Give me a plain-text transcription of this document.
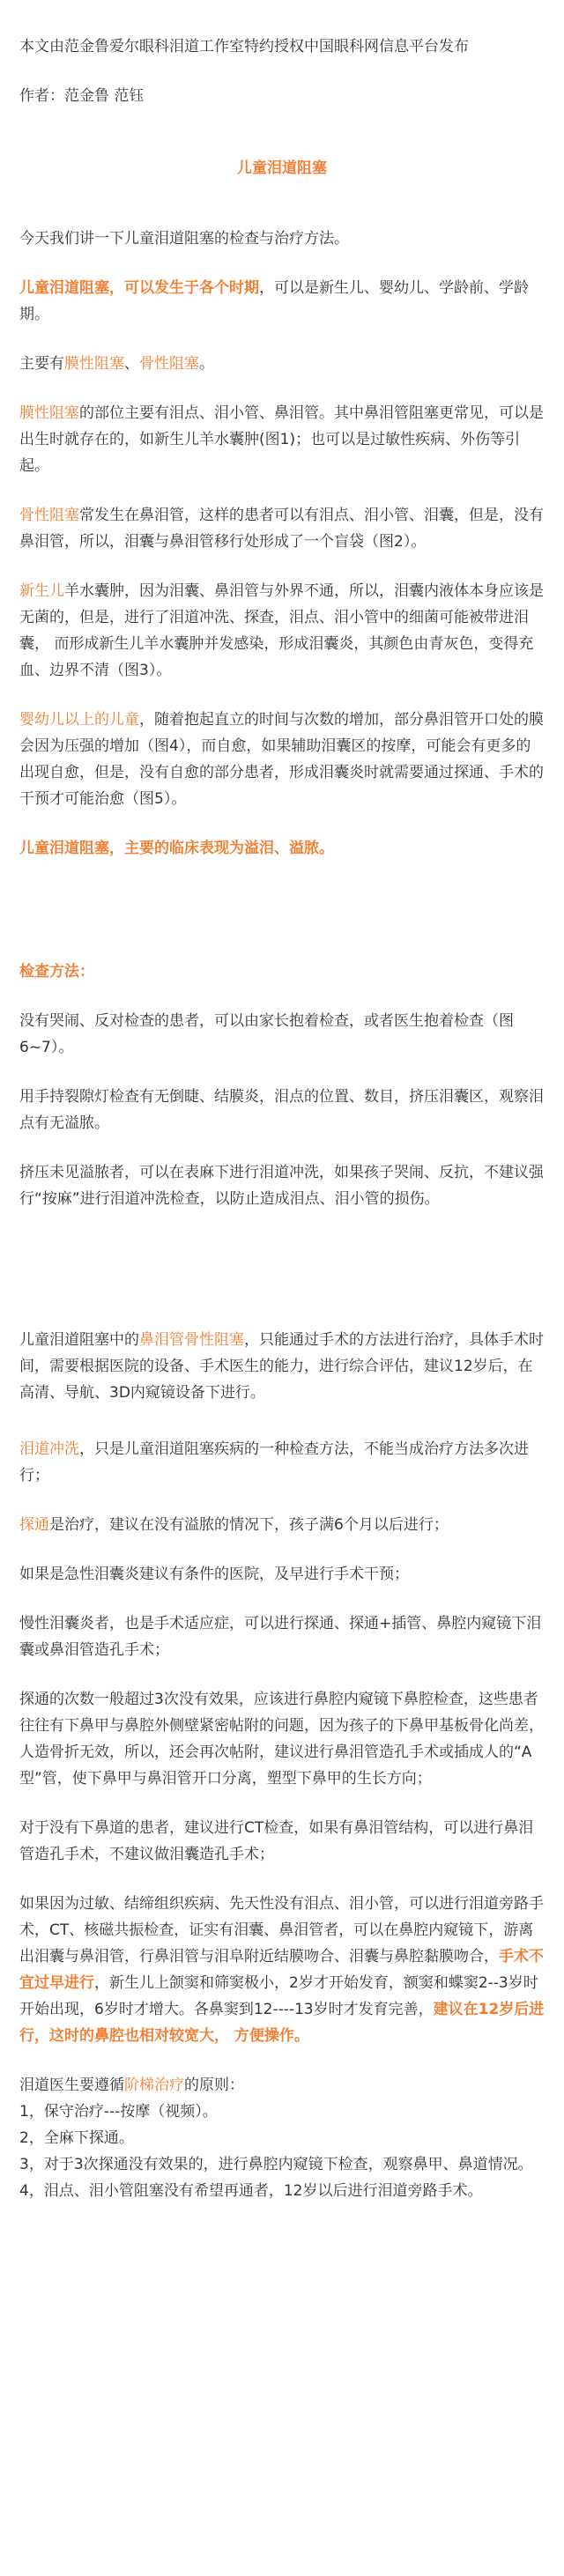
本文由范金鲁爱尔眼科泪道工作室特约授权中国眼科网信息平台发布

作者：范金鲁 范钰

儿童泪道阻塞

今天我们讲一下儿童泪道阻塞的检查与治疗方法。

儿童泪道阻塞，可以发生于各个时期，可以是新生儿、婴幼儿、学龄前、学龄期。

主要有膜性阻塞、骨性阻塞。

膜性阻塞的部位主要有泪点、泪小管、鼻泪管。其中鼻泪管阻塞更常见，可以是出生时就存在的，如新生儿羊水囊肿(图1)；也可以是过敏性疾病、外伤等引起。

骨性阻塞常发生在鼻泪管，这样的患者可以有泪点、泪小管、泪囊，但是，没有鼻泪管，所以，泪囊与鼻泪管移行处形成了一个盲袋（图2）。

新生儿羊水囊肿，因为泪囊、鼻泪管与外界不通，所以，泪囊内液体本身应该是无菌的，但是，进行了泪道冲洗、探查，泪点、泪小管中的细菌可能被带进泪囊， 而形成新生儿羊水囊肿并发感染，形成泪囊炎，其颜色由青灰色，变得充血、边界不清（图3）。

婴幼儿以上的儿童，随着抱起直立的时间与次数的增加，部分鼻泪管开口处的膜会因为压强的增加（图4），而自愈，如果辅助泪囊区的按摩，可能会有更多的出现自愈，但是，没有自愈的部分患者，形成泪囊炎时就需要通过探通、手术的干预才可能治愈（图5）。

儿童泪道阻塞，主要的临床表现为溢泪、溢脓。

检查方法：

没有哭闹、反对检查的患者，可以由家长抱着检查，或者医生抱着检查（图6~7）。

用手持裂隙灯检查有无倒睫、结膜炎，泪点的位置、数目，挤压泪囊区，观察泪点有无溢脓。

挤压未见溢脓者，可以在表麻下进行泪道冲洗，如果孩子哭闹、反抗，不建议强行“按麻”进行泪道冲洗检查，以防止造成泪点、泪小管的损伤。

儿童泪道阻塞中的鼻泪管骨性阻塞，只能通过手术的方法进行治疗，具体手术时间，需要根据医院的设备、手术医生的能力，进行综合评估，建议12岁后，在高清、导航、3D内窥镜设备下进行。

泪道冲洗，只是儿童泪道阻塞疾病的一种检查方法，不能当成治疗方法多次进行；

探通是治疗，建议在没有溢脓的情况下，孩子满6个月以后进行；

如果是急性泪囊炎建议有条件的医院，及早进行手术干预；

慢性泪囊炎者，也是手术适应症，可以进行探通、探通+插管、鼻腔内窥镜下泪囊或鼻泪管造孔手术；

探通的次数一般超过3次没有效果，应该进行鼻腔内窥镜下鼻腔检查，这些患者往往有下鼻甲与鼻腔外侧壁紧密帖附的问题，因为孩子的下鼻甲基板骨化尚差，人造骨折无效，所以，还会再次帖附，建议进行鼻泪管造孔手术或插成人的“A型”管，使下鼻甲与鼻泪管开口分离，塑型下鼻甲的生长方向；

对于没有下鼻道的患者，建议进行CT检查，如果有鼻泪管结构，可以进行鼻泪管造孔手术，不建议做泪囊造孔手术；

如果因为过敏、结缔组织疾病、先天性没有泪点、泪小管，可以进行泪道旁路手术，CT、核磁共振检查，证实有泪囊、鼻泪管者，可以在鼻腔内窥镜下，游离出泪囊与鼻泪管，行鼻泪管与泪阜附近结膜吻合、泪囊与鼻腔黏膜吻合，手术不宜过早进行，新生儿上颌窦和筛窦极小，2岁才开始发育，额窦和蝶窦2--3岁时开始出现，6岁时才增大。各鼻窦到12----13岁时才发育完善，建议在12岁后进行，这时的鼻腔也相对较宽大， 方便操作。

泪道医生要遵循阶梯治疗的原则：

1，保守治疗---按摩（视频）。

2，全麻下探通。

3，对于3次探通没有效果的，进行鼻腔内窥镜下检查，观察鼻甲、鼻道情况。

4，泪点、泪小管阻塞没有希望再通者，12岁以后进行泪道旁路手术。
